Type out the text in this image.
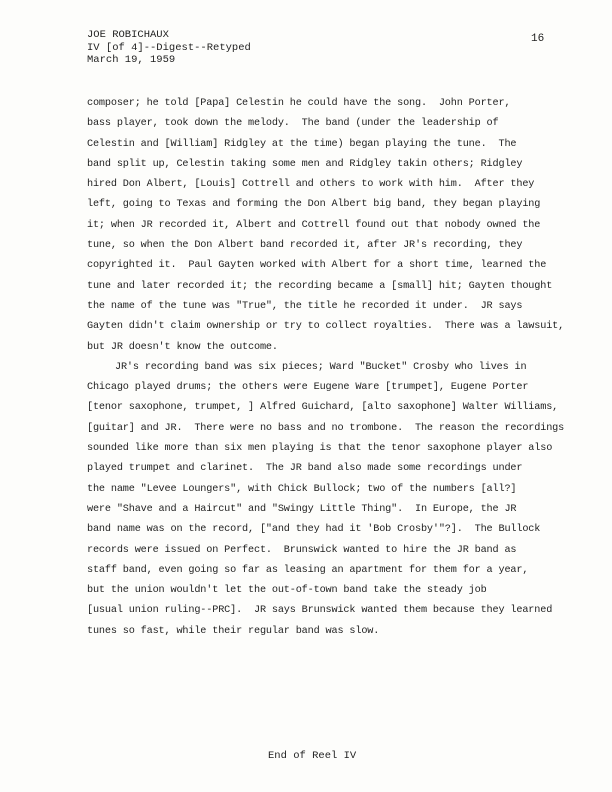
JOE ROBICHAUX
IV [of 4]--Digest--Retyped
March 19, 1959
16
composer; he told [Papa] Celestin he could have the song.  John Porter,
bass player, took down the melody.  The band (under the leadership of
Celestin and [William] Ridgley at the time) began playing the tune.  The
band split up, Celestin taking some men and Ridgley takin others; Ridgley
hired Don Albert, [Louis] Cottrell and others to work with him.  After they
left, going to Texas and forming the Don Albert big band, they began playing
it; when JR recorded it, Albert and Cottrell found out that nobody owned the
tune, so when the Don Albert band recorded it, after JR's recording, they
copyrighted it.  Paul Gayten worked with Albert for a short time, learned the
tune and later recorded it; the recording became a [small] hit; Gayten thought
the name of the tune was "True", the title he recorded it under.  JR says
Gayten didn't claim ownership or try to collect royalties.  There was a lawsuit,
but JR doesn't know the outcome.
JR's recording band was six pieces; Ward "Bucket" Crosby who lives in
Chicago played drums; the others were Eugene Ware [trumpet], Eugene Porter
[tenor saxophone, trumpet, ] Alfred Guichard, [alto saxophone] Walter Williams,
[guitar] and JR.  There were no bass and no trombone.  The reason the recordings
sounded like more than six men playing is that the tenor saxophone player also
played trumpet and clarinet.  The JR band also made some recordings under
the name "Levee Loungers", with Chick Bullock; two of the numbers [all?]
were "Shave and a Haircut" and "Swingy Little Thing".  In Europe, the JR
band name was on the record, ["and they had it 'Bob Crosby'"?].  The Bullock
records were issued on Perfect.  Brunswick wanted to hire the JR band as
staff band, even going so far as leasing an apartment for them for a year,
but the union wouldn't let the out-of-town band take the steady job
[usual union ruling--PRC].  JR says Brunswick wanted them because they learned
tunes so fast, while their regular band was slow.
End of Reel IV
